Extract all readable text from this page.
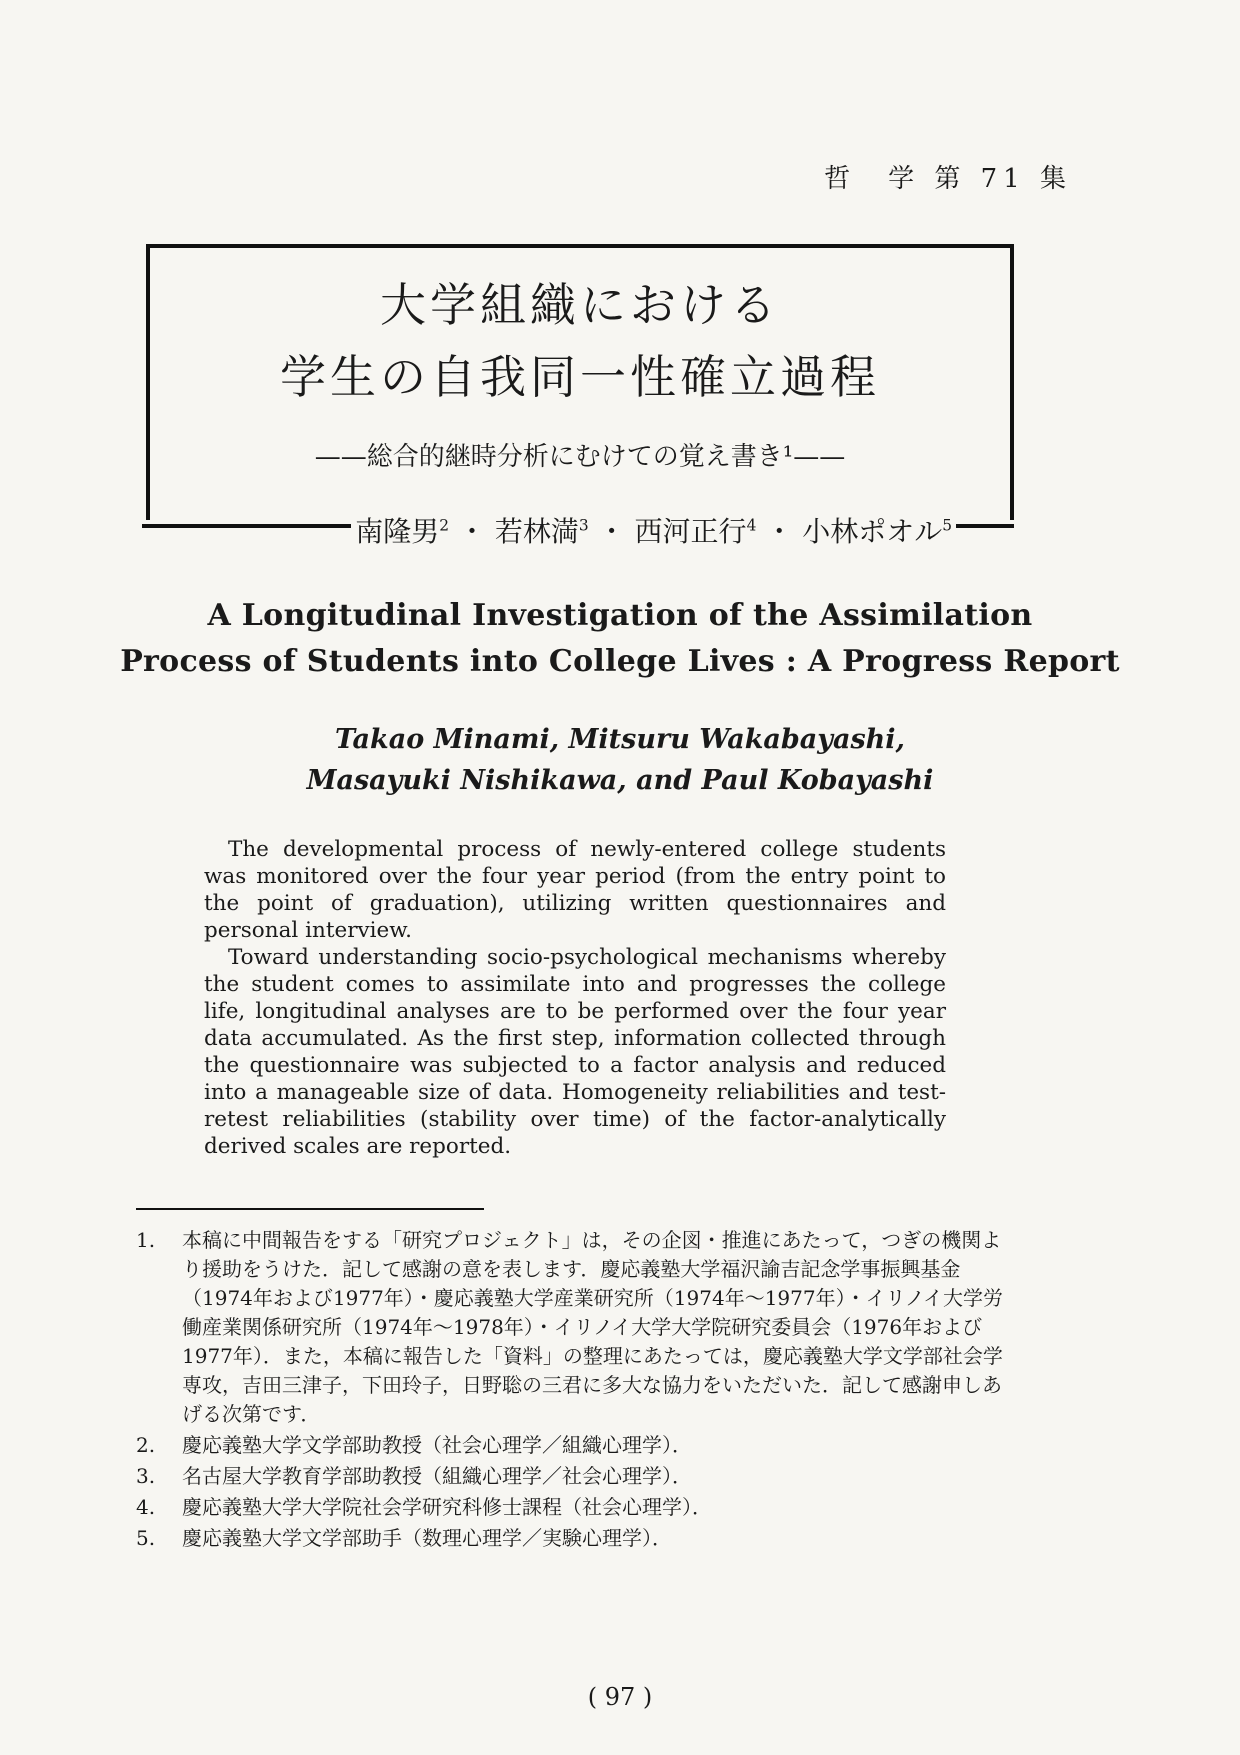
哲　学 第 71 集
大学組織における
学生の自我同一性確立過程
——総合的継時分析にむけての覚え書き¹——
南隆男$^2$ ・ 若林満$^3$ ・ 西河正行$^4$ ・ 小林ポオル$^5$
A Longitudinal Investigation of the Assimilation
Process of Students into College Lives : A Progress Report
Takao Minami, Mitsuru Wakabayashi,
Masayuki Nishikawa, and Paul Kobayashi

The developmental process of newly-entered college students was monitored over the four year period (from the entry point to the point of graduation), utilizing written questionnaires and personal interview.

Toward understanding socio-psychological mechanisms whereby the student comes to assimilate into and progresses the college life, longitudinal analyses are to be performed over the four year data accumulated. As the first step, information collected through the questionnaire was subjected to a factor analysis and reduced into a manageable size of data. Homogeneity reliabilities and test-retest reliabilities (stability over time) of the factor-analytically derived scales are reported.

1.	本稿に中間報告をする「研究プロジェクト」は，その企図・推進にあたって，つぎの機関より援助をうけた．記して感謝の意を表します．慶応義塾大学福沢諭吉記念学事振興基金（1974年および1977年）・慶応義塾大学産業研究所（1974年～1977年）・イリノイ大学労働産業関係研究所（1974年～1978年）・イリノイ大学大学院研究委員会（1976年および1977年）．また，本稿に報告した「資料」の整理にあたっては，慶応義塾大学文学部社会学専攻，吉田三津子，下田玲子，日野聡の三君に多大な協力をいただいた．記して感謝申しあげる次第です．
2.	慶応義塾大学文学部助教授（社会心理学／組織心理学）．
3.	名古屋大学教育学部助教授（組織心理学／社会心理学）．
4.	慶応義塾大学大学院社会学研究科修士課程（社会心理学）．
5.	慶応義塾大学文学部助手（数理心理学／実験心理学）．
( 97 )
